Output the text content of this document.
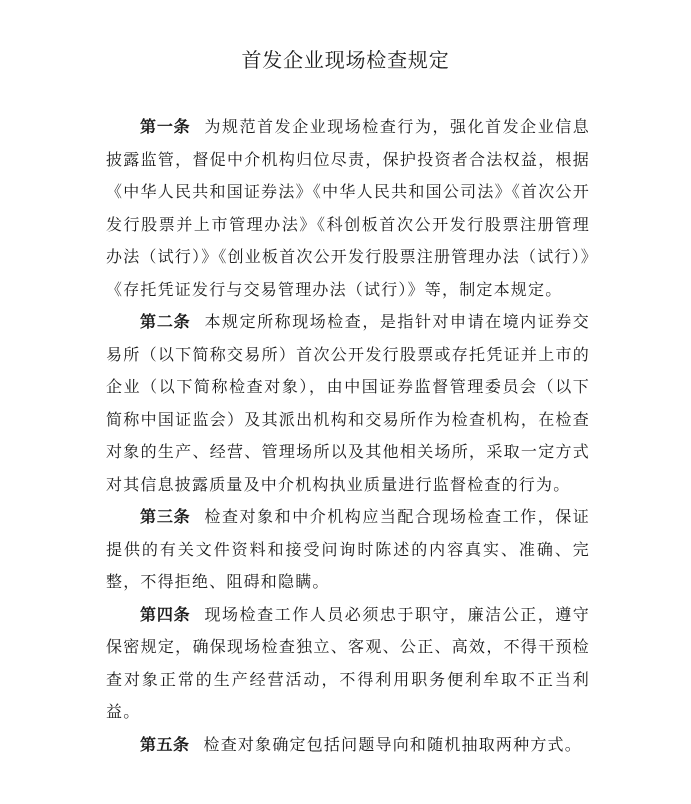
首发企业现场检查规定

第一条 为规范首发企业现场检查行为，强化首发企业信息披露监管，督促中介机构归位尽责，保护投资者合法权益，根据《中华人民共和国证券法》《中华人民共和国公司法》《首次公开发行股票并上市管理办法》《科创板首次公开发行股票注册管理办法（试行）》《创业板首次公开发行股票注册管理办法（试行）》《存托凭证发行与交易管理办法（试行）》等，制定本规定。

第二条 本规定所称现场检查，是指针对申请在境内证券交易所（以下简称交易所）首次公开发行股票或存托凭证并上市的企业（以下简称检查对象），由中国证券监督管理委员会（以下简称中国证监会）及其派出机构和交易所作为检查机构，在检查对象的生产、经营、管理场所以及其他相关场所，采取一定方式对其信息披露质量及中介机构执业质量进行监督检查的行为。

第三条 检查对象和中介机构应当配合现场检查工作，保证提供的有关文件资料和接受问询时陈述的内容真实、准确、完整，不得拒绝、阻碍和隐瞒。

第四条 现场检查工作人员必须忠于职守，廉洁公正，遵守保密规定，确保现场检查独立、客观、公正、高效，不得干预检查对象正常的生产经营活动，不得利用职务便利牟取不正当利益。

第五条 检查对象确定包括问题导向和随机抽取两种方式。
